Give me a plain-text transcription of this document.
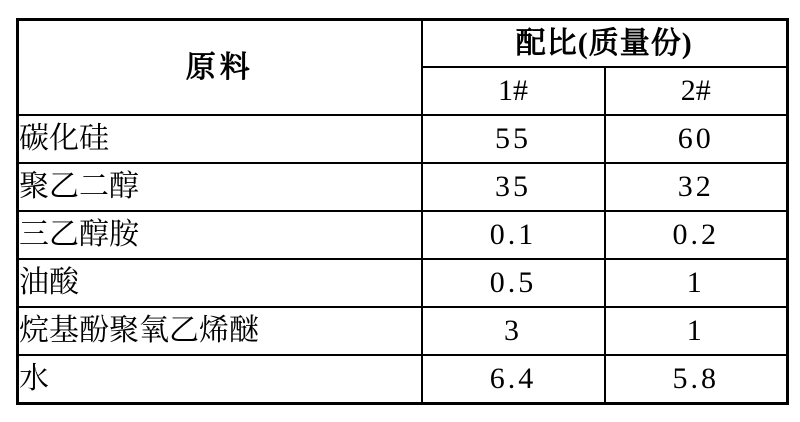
原料	配比(质量份)	
	1#	2#
碳化硅	55	60
聚乙二醇	35	32
三乙醇胺	0.1	0.2
油酸	0.5	1
烷基酚聚氧乙烯醚	3	1
水	6.4	5.8
